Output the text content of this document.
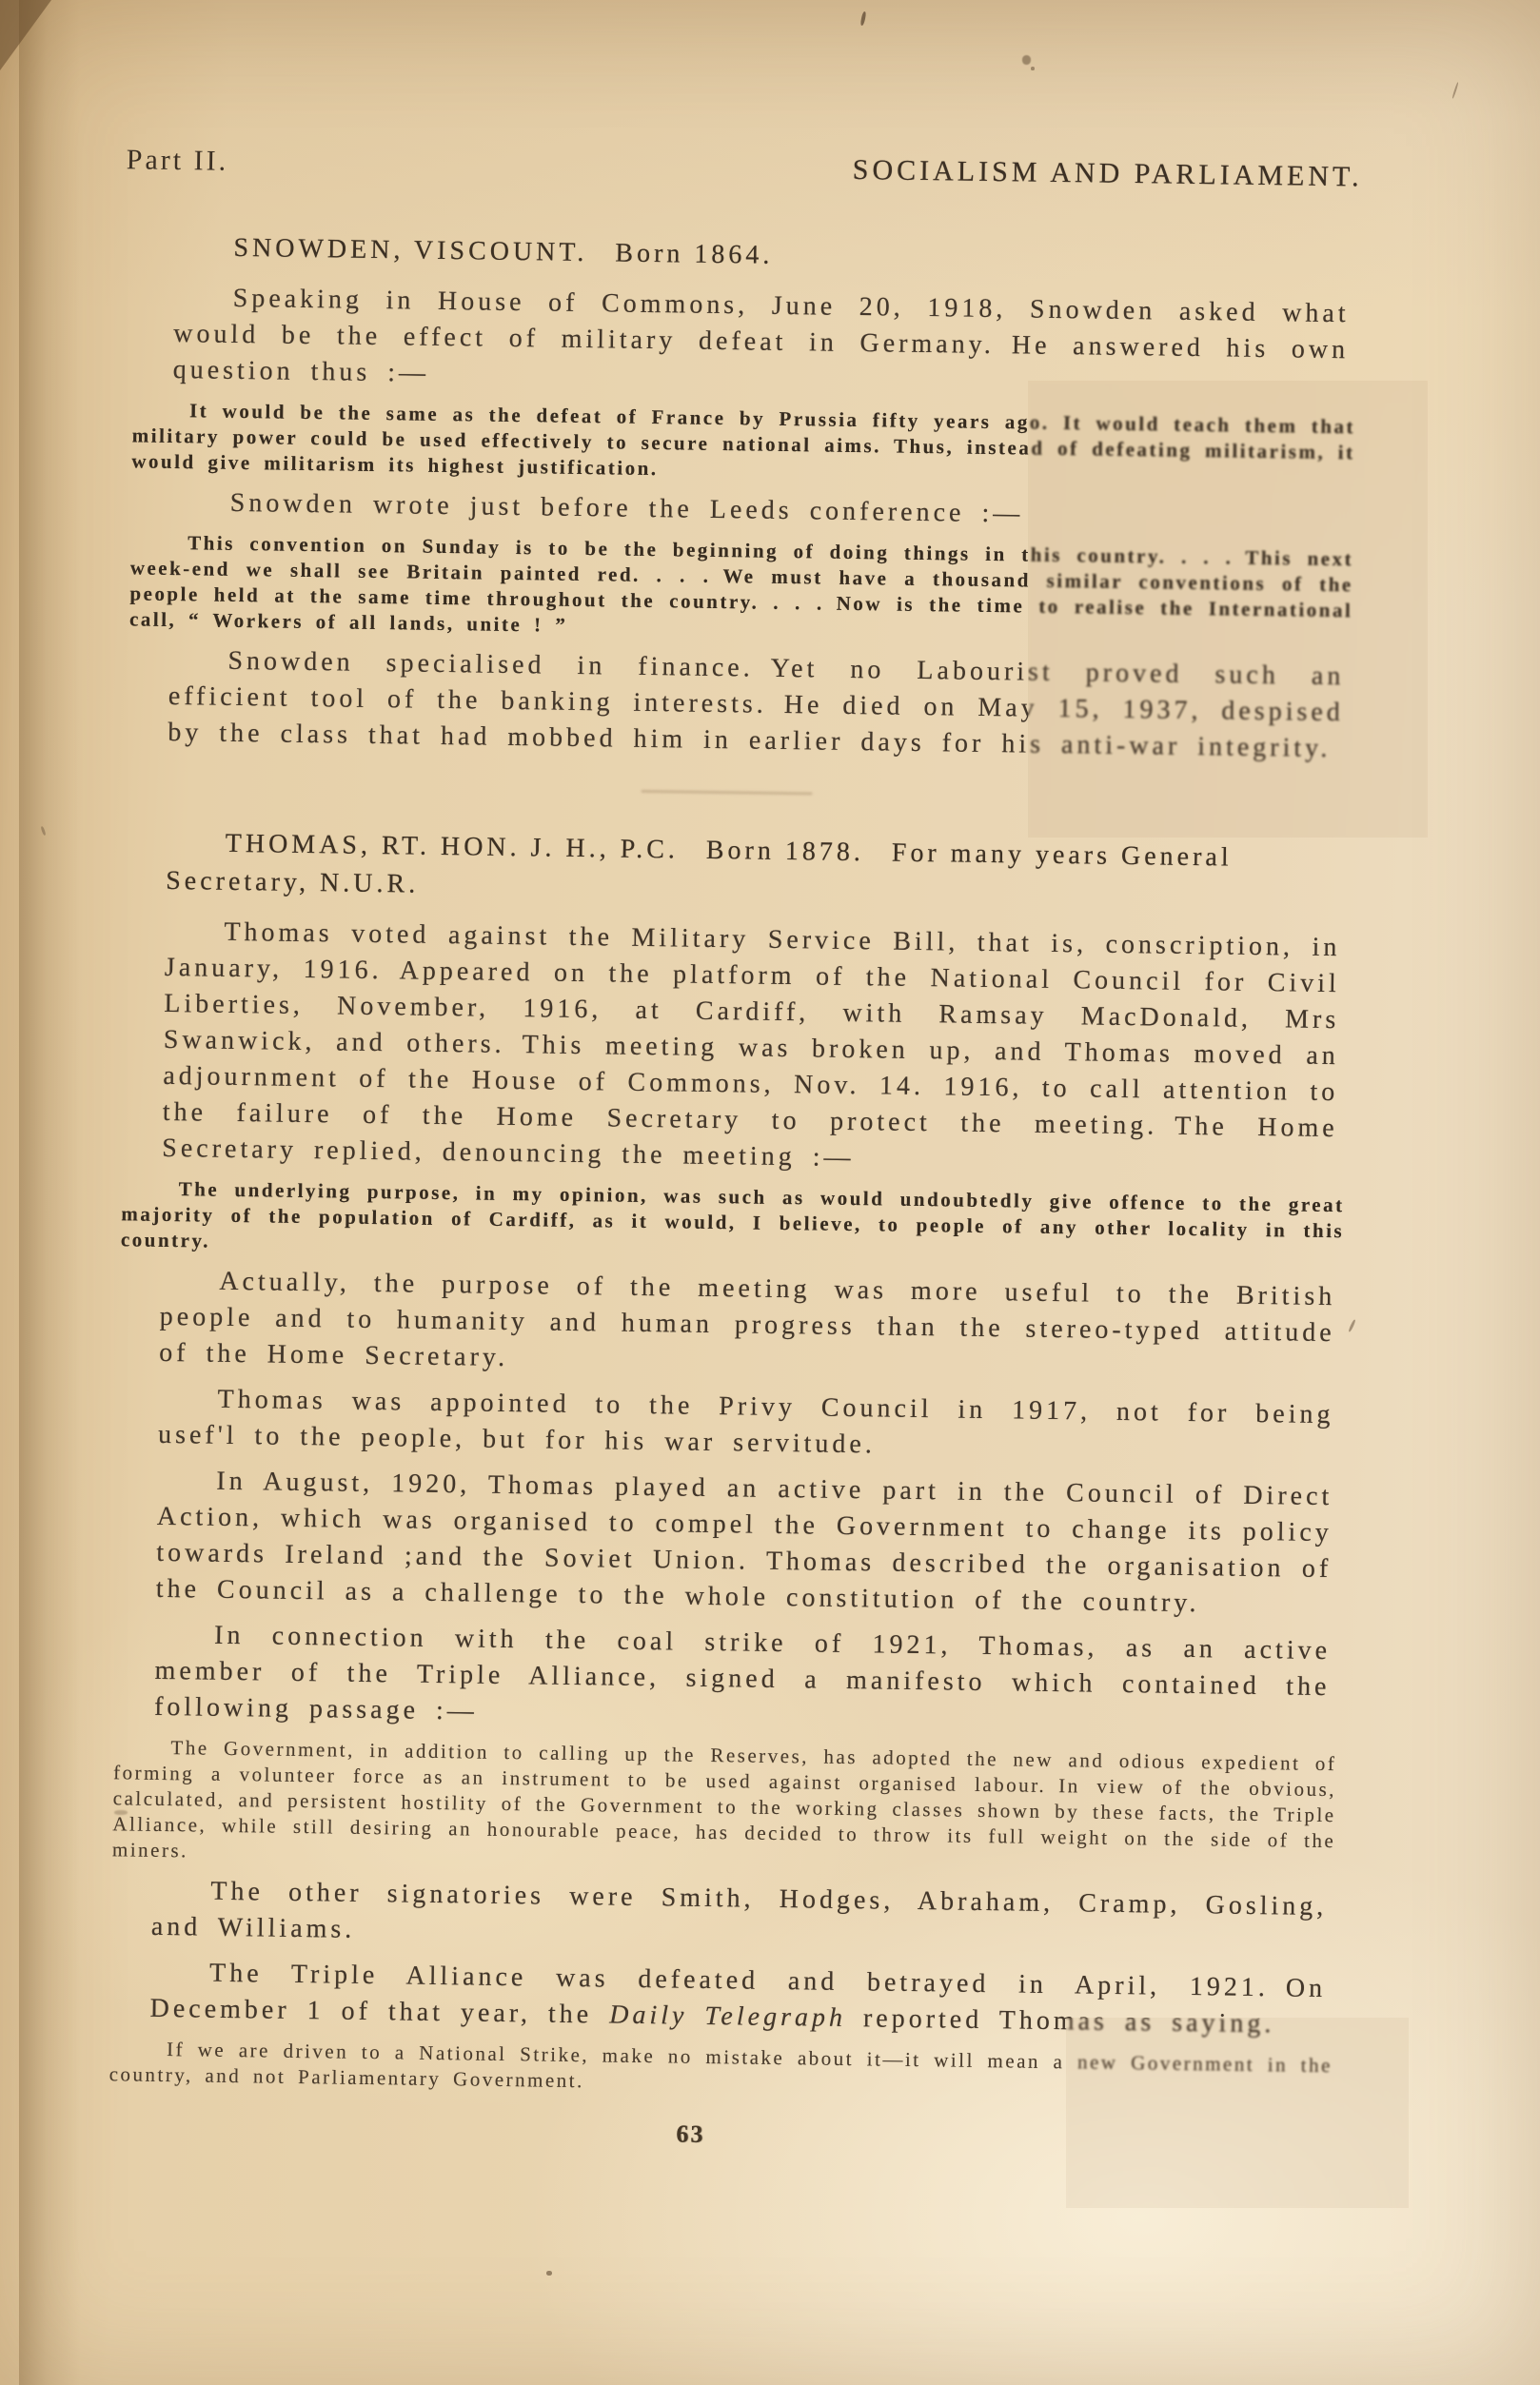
Part II.	SOCIALISM AND PARLIAMENT.
SNOWDEN, VISCOUNT.  Born 1864.

Speaking in House of Commons, June 20, 1918, Snowden asked what would be the effect of military defeat in Germany. He answered his own question thus :—

It would be the same as the defeat of France by Prussia fifty years ago. It would teach them that military power could be used effectively to secure national aims. Thus, instead of defeating militarism, it would give militarism its highest justification.

Snowden wrote just before the Leeds conference :—

This convention on Sunday is to be the beginning of doing things in this country. . . . This next week-end we shall see Britain painted red. . . . We must have a thousand similar conventions of the people held at the same time throughout the country. . . . Now is the time to realise the International call, “ Workers of all lands, unite ! ”

Snowden specialised in finance. Yet no Labourist proved such an efficient tool of the banking interests. He died on May 15, 1937, despised by the class that had mobbed him in earlier days for his anti-war integrity.

THOMAS, RT. HON. J. H., P.C.  Born 1878.  For many years General Secretary, N.U.R.

Thomas voted against the Military Service Bill, that is, conscription, in January, 1916. Appeared on the platform of the National Council for Civil Liberties, November, 1916, at Cardiff, with Ramsay MacDonald, Mrs Swanwick, and others. This meeting was broken up, and Thomas moved an adjournment of the House of Commons, Nov. 14. 1916, to call attention to the failure of the Home Secretary to protect the meeting. The Home Secretary replied, denouncing the meeting :—

The underlying purpose, in my opinion, was such as would undoubtedly give offence to the great majority of the population of Cardiff, as it would, I believe, to people of any other locality in this country.

Actually, the purpose of the meeting was more useful to the British people and to humanity and human progress than the stereo-typed attitude of the Home Secretary.

Thomas was appointed to the Privy Council in 1917, not for being usef'l to the people, but for his war servitude.

In August, 1920, Thomas played an active part in the Council of Direct Action, which was organised to compel the Government to change its policy towards Ireland ;and the Soviet Union. Thomas described the organisation of the Council as a challenge to the whole constitution of the country.

In connection with the coal strike of 1921, Thomas, as an active member of the Triple Alliance, signed a manifesto which contained the following passage :—

The Government, in addition to calling up the Reserves, has adopted the new and odious expedient of forming a volunteer force as an instrument to be used against organised labour. In view of the obvious, calculated, and persistent hostility of the Government to the working classes shown by these facts, the Triple Alliance, while still desiring an honourable peace, has decided to throw its full weight on the side of the miners.

The other signatories were Smith, Hodges, Abraham, Cramp, Gosling, and Williams.

The Triple Alliance was defeated and betrayed in April, 1921. On December 1 of that year, the Daily Telegraph reported Thomas as saying.

If we are driven to a National Strike, make no mistake about it—it will mean a new Government in the country, and not Parliamentary Government.

63
